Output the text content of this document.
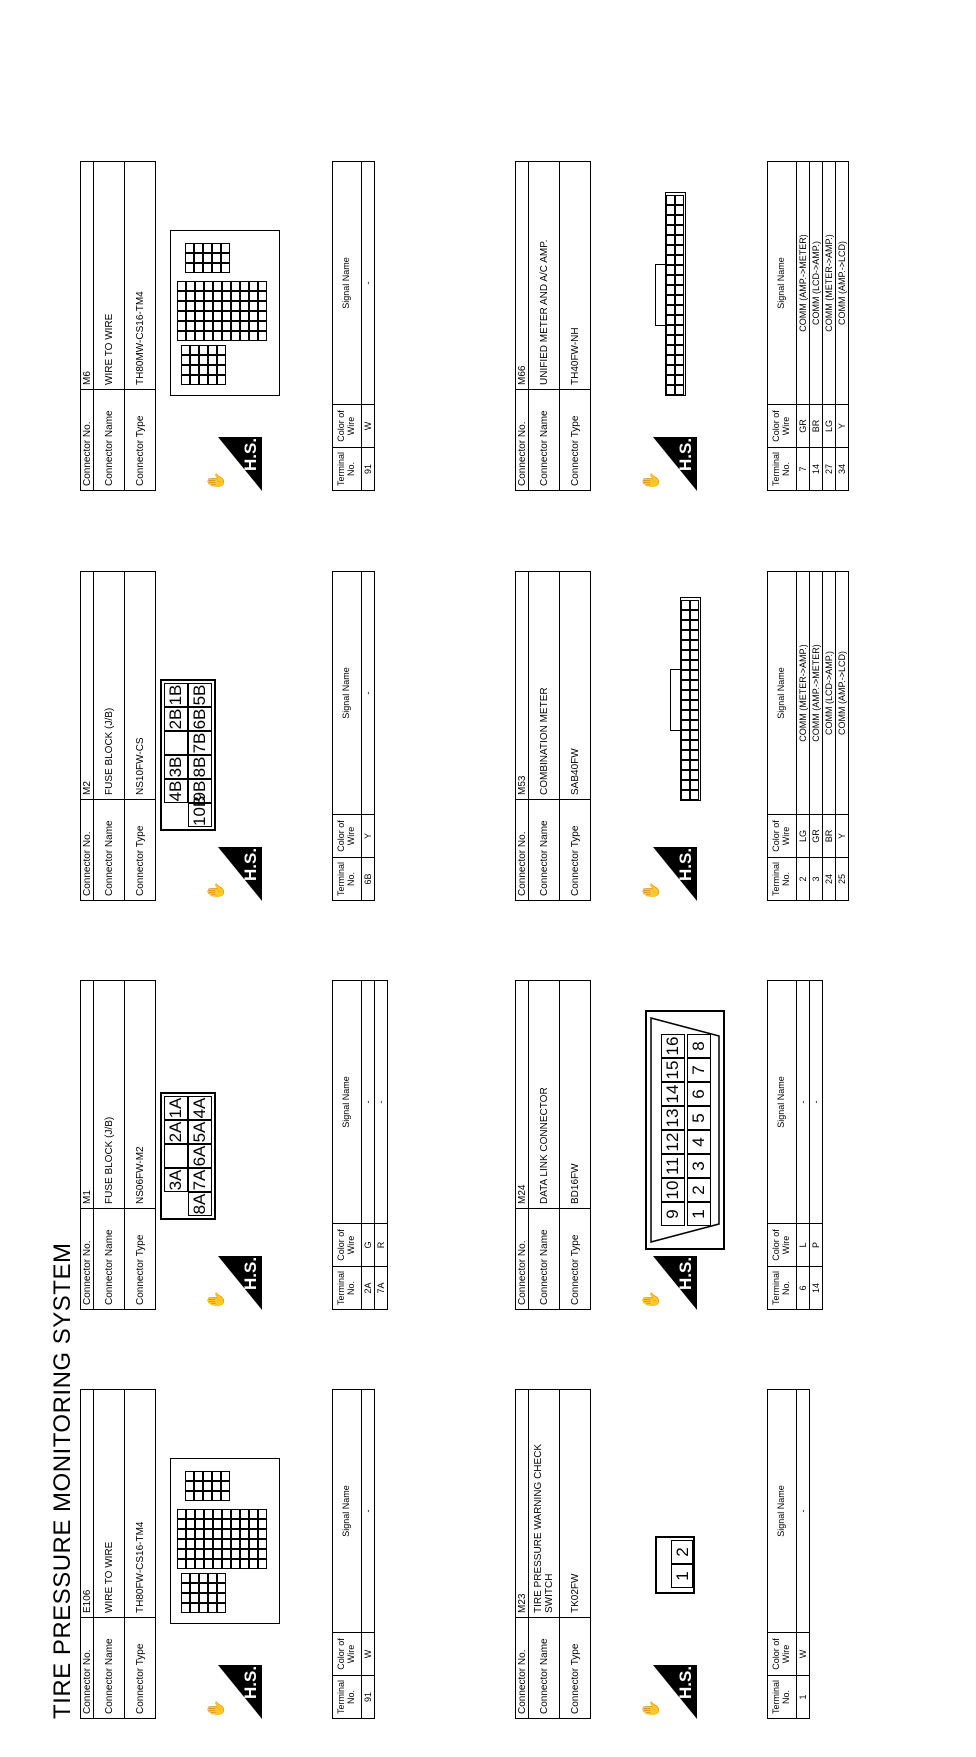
TIRE PRESSURE MONITORING SYSTEM Connector No.	E106
Connector Name	WIRE TO WIRE
Connector Type	TH80FW-CS16-TM4
✋
H.S.	Terminal No.	Color of Wire	Signal Name
91	W	-
Connector No.	M1
Connector Name	FUSE BLOCK (J/B)
Connector Type	NS06FW-M2
✋
H.S.
3A
2A
1A
8A
7A
6A
5A
4A
Terminal No.	Color of Wire	Signal Name
2A	G	-
7A	R	-
Connector No.	M2
Connector Name	FUSE BLOCK (J/B)
Connector Type	NS10FW-CS
✋
H.S.
4B
3B
2B
1B
10B
9B
8B
7B
6B
5B
Terminal No.	Color of Wire	Signal Name
6B	Y	-
Connector No.	M6
Connector Name	WIRE TO WIRE
Connector Type	TH80MW-CS16-TM4
✋
H.S.	Terminal No.	Color of Wire	Signal Name
91	W	-
Connector No.	M23
Connector Name	TIRE PRESSURE WARNING CHECK
SWITCH
Connector Type	TK02FW
✋
H.S.
1
2
Terminal No.	Color of Wire	Signal Name
1	W	-
Connector No.	M24
Connector Name	DATA LINK CONNECTOR
Connector Type	BD16FW
✋
H.S.
9
10
11
12
13
14
15
16
1
2
3
4
5
6
7
8
Terminal No.	Color of Wire	Signal Name
6	L	-
14	P	-
Connector No.	M53
Connector Name	COMBINATION METER
Connector Type	SAB40FW
✋
H.S.	Terminal No.	Color of Wire	Signal Name
2	LG	COMM (METER->AMP.)
3	GR	COMM (AMP.->METER)
24	BR	COMM (LCD->AMP.)
25	Y	COMM (AMP.->LCD)
Connector No.	M66
Connector Name	UNIFIED METER AND A/C AMP.
Connector Type	TH40FW-NH
✋
H.S.	Terminal No.	Color of Wire	Signal Name
7	GR	COMM (AMP.->METER)
14	BR	COMM (LCD->AMP.)
27	LG	COMM (METER->AMP.)
34	Y	COMM (AMP.->LCD)
